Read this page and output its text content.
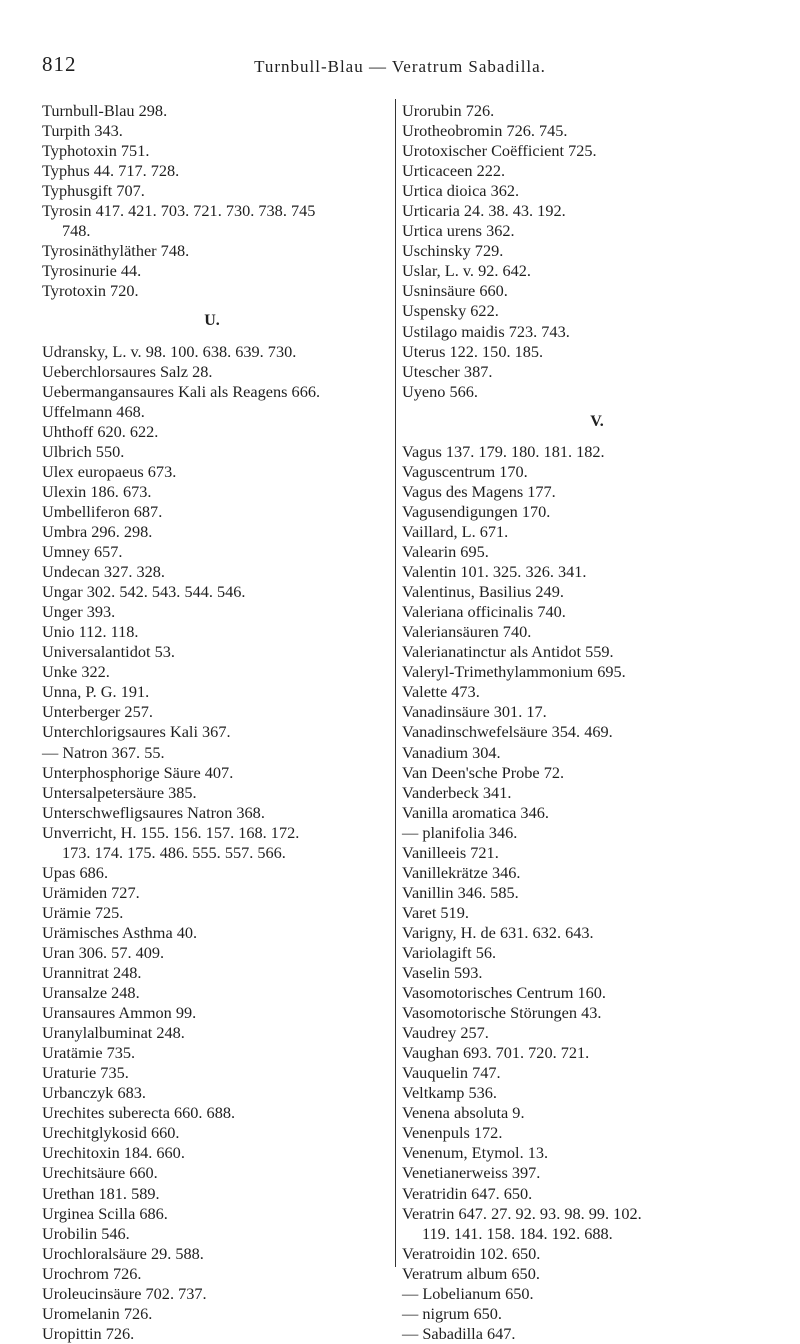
812	Turnbull-Blau — Veratrum Sabadilla.
Turnbull-Blau 298.
Turpith 343.
Typhotoxin 751.
Typhus 44. 717. 728.
Typhusgift 707.
Tyrosin 417. 421. 703. 721. 730. 738. 745
748.
Tyrosinäthyläther 748.
Tyrosinurie 44.
Tyrotoxin 720.
U.
Udransky, L. v. 98. 100. 638. 639. 730.
Ueberchlorsaures Salz 28.
Uebermangansaures Kali als Reagens 666.
Uffelmann 468.
Uhthoff 620. 622.
Ulbrich 550.
Ulex europaeus 673.
Ulexin 186. 673.
Umbelliferon 687.
Umbra 296. 298.
Umney 657.
Undecan 327. 328.
Ungar 302. 542. 543. 544. 546.
Unger 393.
Unio 112. 118.
Universalantidot 53.
Unke 322.
Unna, P. G. 191.
Unterberger 257.
Unterchlorigsaures Kali 367.
— Natron 367. 55.
Unterphosphorige Säure 407.
Untersalpetersäure 385.
Unterschwefligsaures Natron 368.
Unverricht, H. 155. 156. 157. 168. 172.
173. 174. 175. 486. 555. 557. 566.
Upas 686.
Urämiden 727.
Urämie 725.
Urämisches Asthma 40.
Uran 306. 57. 409.
Urannitrat 248.
Uransalze 248.
Uransaures Ammon 99.
Uranylalbuminat 248.
Uratämie 735.
Uraturie 735.
Urbanczyk 683.
Urechites suberecta 660. 688.
Urechitglykosid 660.
Urechitoxin 184. 660.
Urechitsäure 660.
Urethan 181. 589.
Urginea Scilla 686.
Urobilin 546.
Urochloralsäure 29. 588.
Urochrom 726.
Uroleucinsäure 702. 737.
Uromelanin 726.
Uropittin 726.
Urorubin 726.
Urotheobromin 726. 745.
Urotoxischer Coëfficient 725.
Urticaceen 222.
Urtica dioica 362.
Urticaria 24. 38. 43. 192.
Urtica urens 362.
Uschinsky 729.
Uslar, L. v. 92. 642.
Usninsäure 660.
Uspensky 622.
Ustilago maidis 723. 743.
Uterus 122. 150. 185.
Utescher 387.
Uyeno 566.
V.
Vagus 137. 179. 180. 181. 182.
Vaguscentrum 170.
Vagus des Magens 177.
Vagusendigungen 170.
Vaillard, L. 671.
Valearin 695.
Valentin 101. 325. 326. 341.
Valentinus, Basilius 249.
Valeriana officinalis 740.
Valeriansäuren 740.
Valerianatinctur als Antidot 559.
Valeryl-Trimethylammonium 695.
Valette 473.
Vanadinsäure 301. 17.
Vanadinschwefelsäure 354. 469.
Vanadium 304.
Van Deen'sche Probe 72.
Vanderbeck 341.
Vanilla aromatica 346.
— planifolia 346.
Vanilleeis 721.
Vanillekrätze 346.
Vanillin 346. 585.
Varet 519.
Varigny, H. de 631. 632. 643.
Variolagift 56.
Vaselin 593.
Vasomotorisches Centrum 160.
Vasomotorische Störungen 43.
Vaudrey 257.
Vaughan 693. 701. 720. 721.
Vauquelin 747.
Veltkamp 536.
Venena absoluta 9.
Venenpuls 172.
Venenum, Etymol. 13.
Venetianerweiss 397.
Veratridin 647. 650.
Veratrin 647. 27. 92. 93. 98. 99. 102.
119. 141. 158. 184. 192. 688.
Veratroidin 102. 650.
Veratrum album 650.
— Lobelianum 650.
— nigrum 650.
— Sabadilla 647.
